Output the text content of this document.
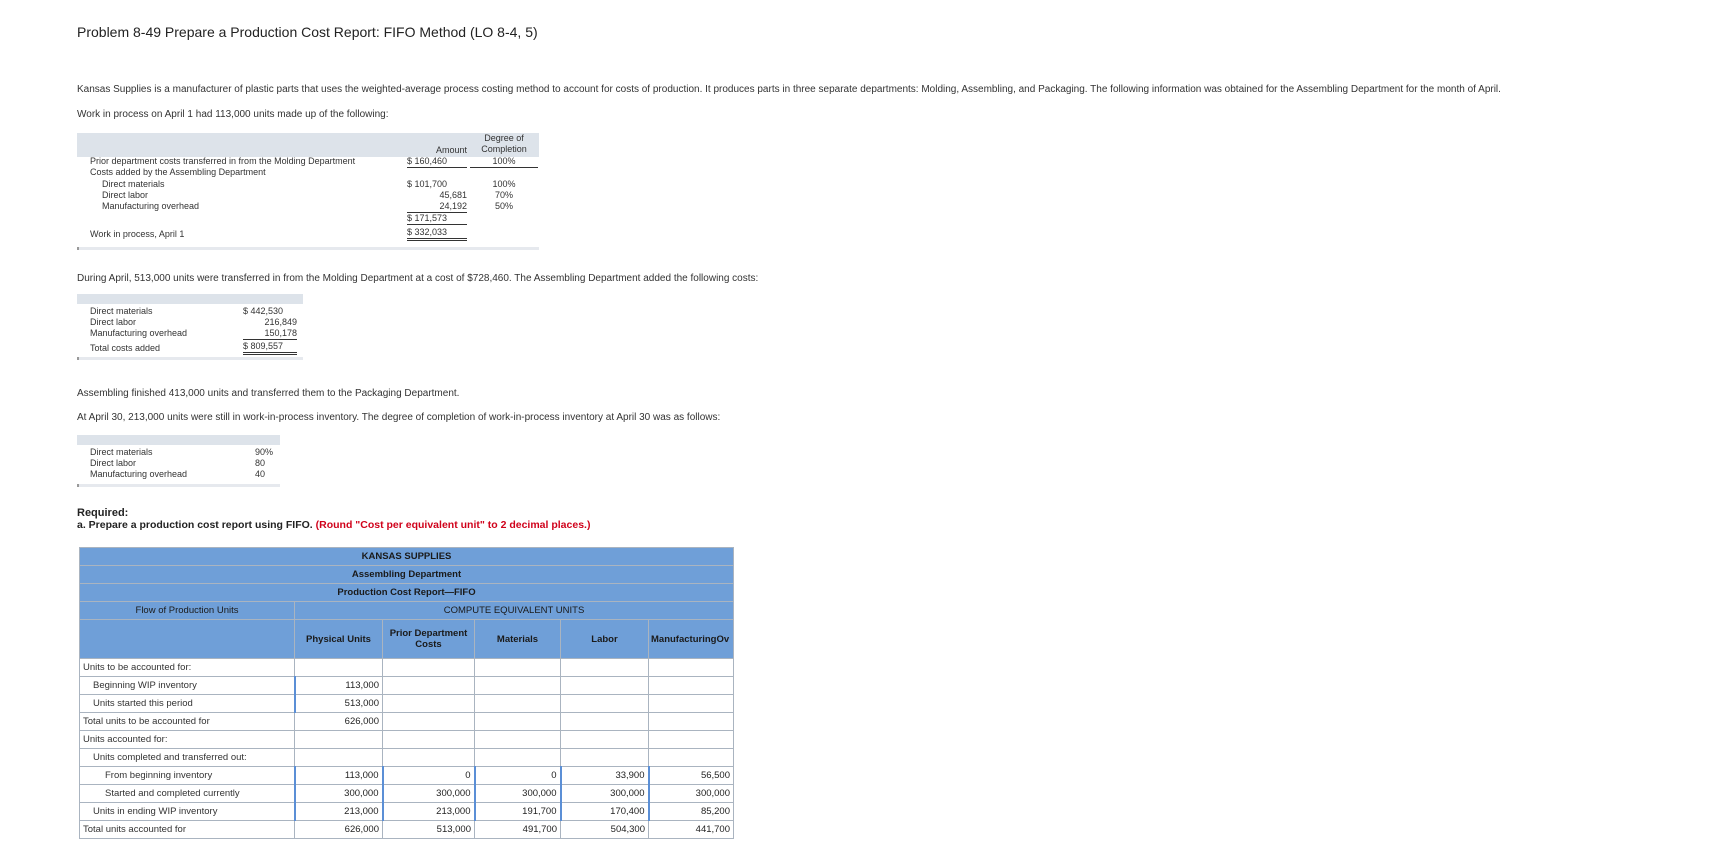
Problem 8-49 Prepare a Production Cost Report: FIFO Method (LO 8-4, 5)
Kansas Supplies is a manufacturer of plastic parts that uses the weighted-average process costing method to account for costs of production. It produces parts in three separate departments: Molding, Assembling, and Packaging. The following information was obtained for the Assembling Department for the month of April.
Work in process on April 1 had 113,000 units made up of the following:
Degree of
Completion
Amount
Prior department costs transferred in from the Molding Department	$ 160,460	100%
Costs added by the Assembling Department
Direct materials	$ 101,700	100%
Direct labor	45,681	70%
Manufacturing overhead	24,192	50%
$ 171,573
Work in process, April 1	$ 332,033
During April, 513,000 units were transferred in from the Molding Department at a cost of $728,460. The Assembling Department added the following costs:
Direct materials	$ 442,530
Direct labor	216,849
Manufacturing overhead	150,178
Total costs added	$ 809,557
Assembling finished 413,000 units and transferred them to the Packaging Department.
At April 30, 213,000 units were still in work-in-process inventory. The degree of completion of work-in-process inventory at April 30 was as follows:
Direct materials	90%
Direct labor	80
Manufacturing overhead	40
Required:
a. Prepare a production cost report using FIFO. (Round "Cost per equivalent unit" to 2 decimal places.)
KANSAS SUPPLIES					
Assembling Department					
Production Cost Report—FIFO					
Flow of Production Units	COMPUTE EQUIVALENT UNITS				
	Physical Units	Prior Department Costs	Materials	Labor	ManufacturingOv
Units to be accounted for:					
Beginning WIP inventory	113,000				
Units started this period	513,000				
Total units to be accounted for	626,000				
Units accounted for:					
Units completed and transferred out:					
From beginning inventory	113,000	0	0	33,900	56,500
Started and completed currently	300,000	300,000	300,000	300,000	300,000
Units in ending WIP inventory	213,000	213,000	191,700	170,400	85,200
Total units accounted for	626,000	513,000	491,700	504,300	441,700
